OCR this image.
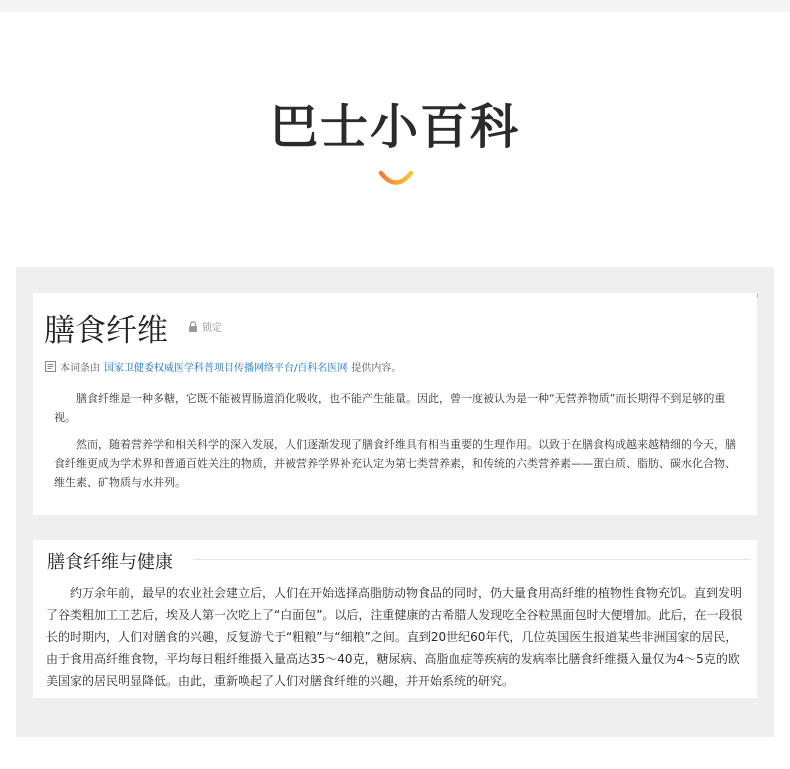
巴士小百科
膳食纤维	锁定
本词条由 国家卫健委权威医学科普项目传播网络平台/百科名医网 提供内容。

膳食纤维是一种多糖，它既不能被胃肠道消化吸收，也不能产生能量。因此，曾一度被认为是一种“无营养物质”而长期得不到足够的重视。

然而，随着营养学和相关科学的深入发展，人们逐渐发现了膳食纤维具有相当重要的生理作用。以致于在膳食构成越来越精细的今天，膳食纤维更成为学术界和普通百姓关注的物质，并被营养学界补充认定为第七类营养素，和传统的六类营养素——蛋白质、脂肪、碳水化合物、维生素、矿物质与水并列。

膳食纤维与健康

约万余年前，最早的农业社会建立后，人们在开始选择高脂肪动物食品的同时，仍大量食用高纤维的植物性食物充饥。直到发明了谷类粗加工工艺后，埃及人第一次吃上了“白面包”。以后，注重健康的古希腊人发现吃全谷粒黑面包时大便增加。此后，在一段很长的时期内，人们对膳食的兴趣，反复游弋于“粗粮”与“细粮”之间。直到20世纪60年代，几位英国医生报道某些非洲国家的居民，由于食用高纤维食物，平均每日粗纤维摄入量高达35～40克，糖尿病、高脂血症等疾病的发病率比膳食纤维摄入量仅为4～5克的欧美国家的居民明显降低。由此，重新唤起了人们对膳食纤维的兴趣，并开始系统的研究。
